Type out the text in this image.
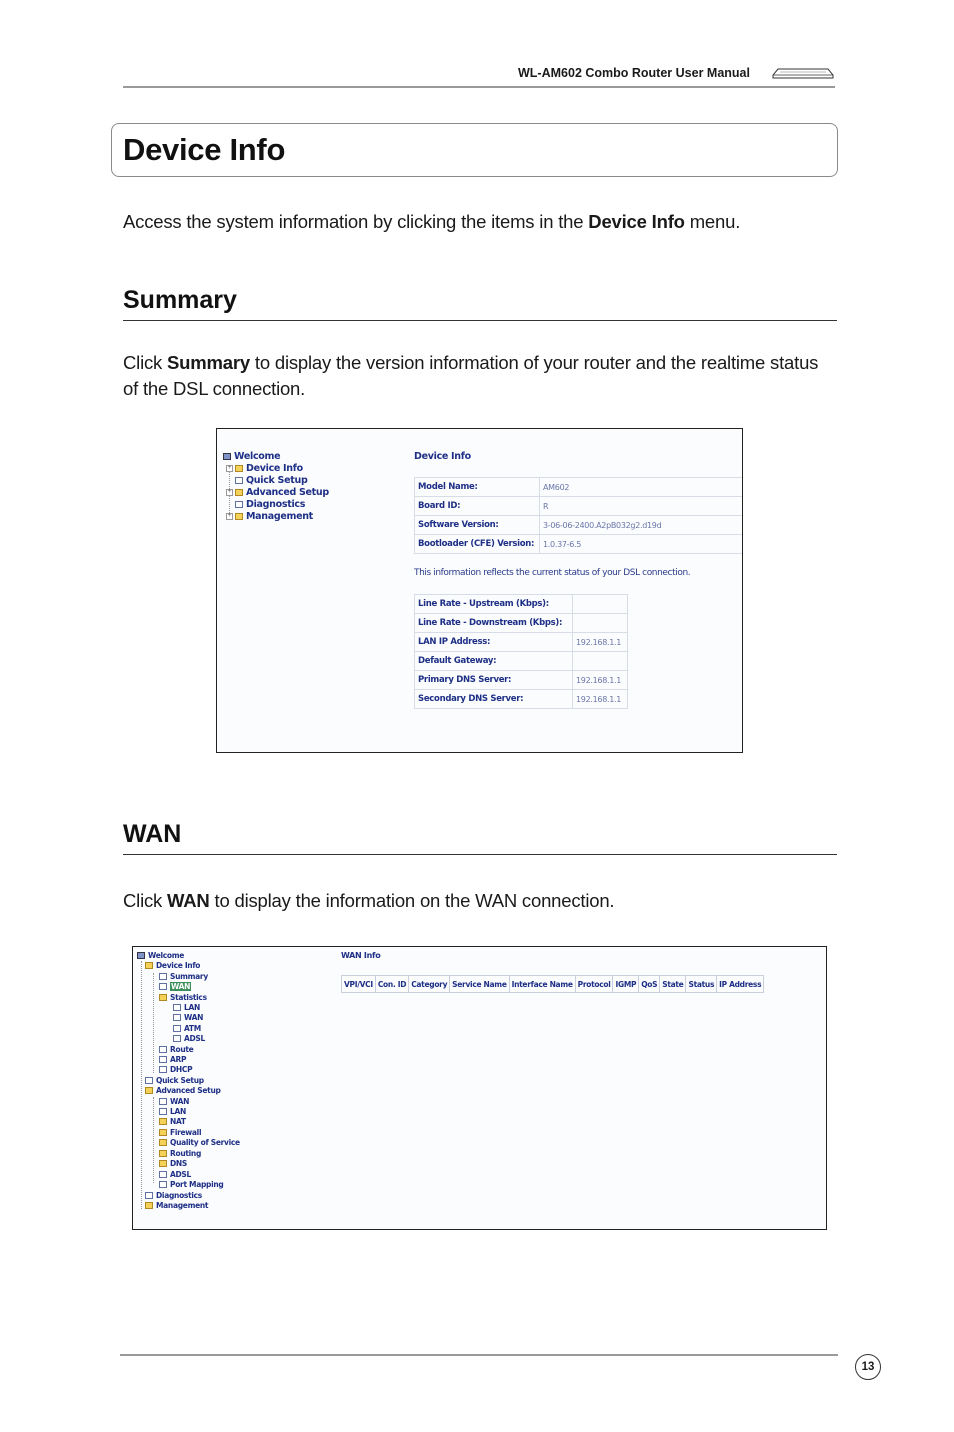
WL-AM602 Combo Router User Manual
Device Info
Access the system information by clicking the items in the Device Info menu.
Summary
Click Summary to display the version information of your router and the realtime status
of the DSL connection.
Welcome
+	Device Info
Quick Setup
+	Advanced Setup
Diagnostics
+	Management
Device Info
Model Name:	AM602
Board ID:	R
Software Version:	3-06-06-2400.A2pB032g2.d19d
Bootloader (CFE) Version:	1.0.37-6.5
This information reflects the current status of your DSL connection.
Line Rate - Upstream (Kbps):	
Line Rate - Downstream (Kbps):	
LAN IP Address:	192.168.1.1
Default Gateway:	
Primary DNS Server:	192.168.1.1
Secondary DNS Server:	192.168.1.1
WAN
Click WAN to display the information on the WAN connection.
Welcome
Device Info
Summary
WAN
Statistics
LAN
WAN
ATM
ADSL
Route
ARP
DHCP
Quick Setup
Advanced Setup
WAN
LAN
NAT
Firewall
Quality of Service
Routing
DNS
ADSL
Port Mapping
Diagnostics
Management
WAN Info
VPI/VCI	Con. ID	Category	Service Name	Interface Name	Protocol	IGMP	QoS	State	Status	IP Address
13
